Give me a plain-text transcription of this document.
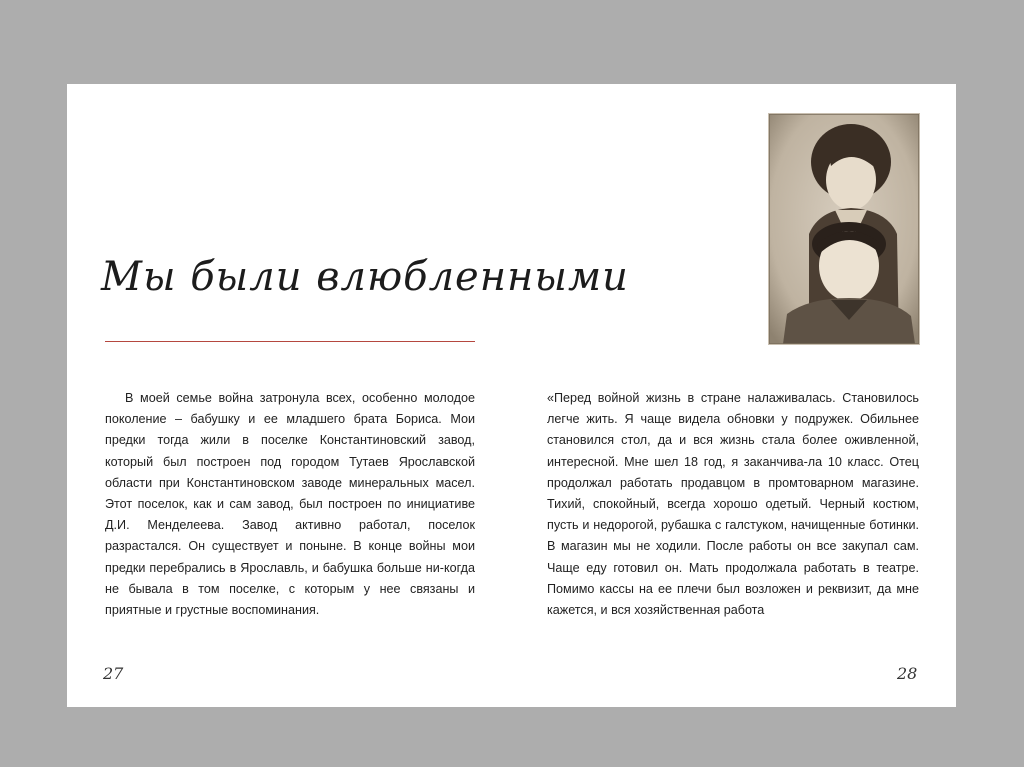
Мы были влюбленными

В моей семье война затронула всех, особенно молодое поколение – бабушку и ее младшего брата Бориса. Мои предки тогда жили в поселке Константиновский завод, который был построен под городом Тутаев Ярославской области при Константиновском заводе минеральных масел. Этот поселок, как и сам завод, был построен по инициативе Д.И. Менделеева. Завод активно работал, поселок разрастался. Он существует и поныне. В конце войны мои предки перебрались в Ярославль, и бабушка больше ни-когда не бывала в том поселке, с которым у нее связаны и приятные и грустные воспоминания.

«Перед войной жизнь в стране налаживалась. Становилось легче жить. Я чаще видела обновки у подружек. Обильнее становился стол, да и вся жизнь стала более оживленной, интересной. Мне шел 18 год, я заканчива-ла 10 класс. Отец продолжал работать продавцом в промтоварном магазине. Тихий, спокойный, всегда хорошо одетый. Черный костюм, пусть и недорогой, рубашка с галстуком, начищенные ботинки. В магазин мы не ходили. После работы он все закупал сам. Чаще еду готовил он. Мать продолжала работать в театре. Помимо кассы на ее плечи был возложен и реквизит, да мне кажется, и вся хозяйственная работа

27	28
